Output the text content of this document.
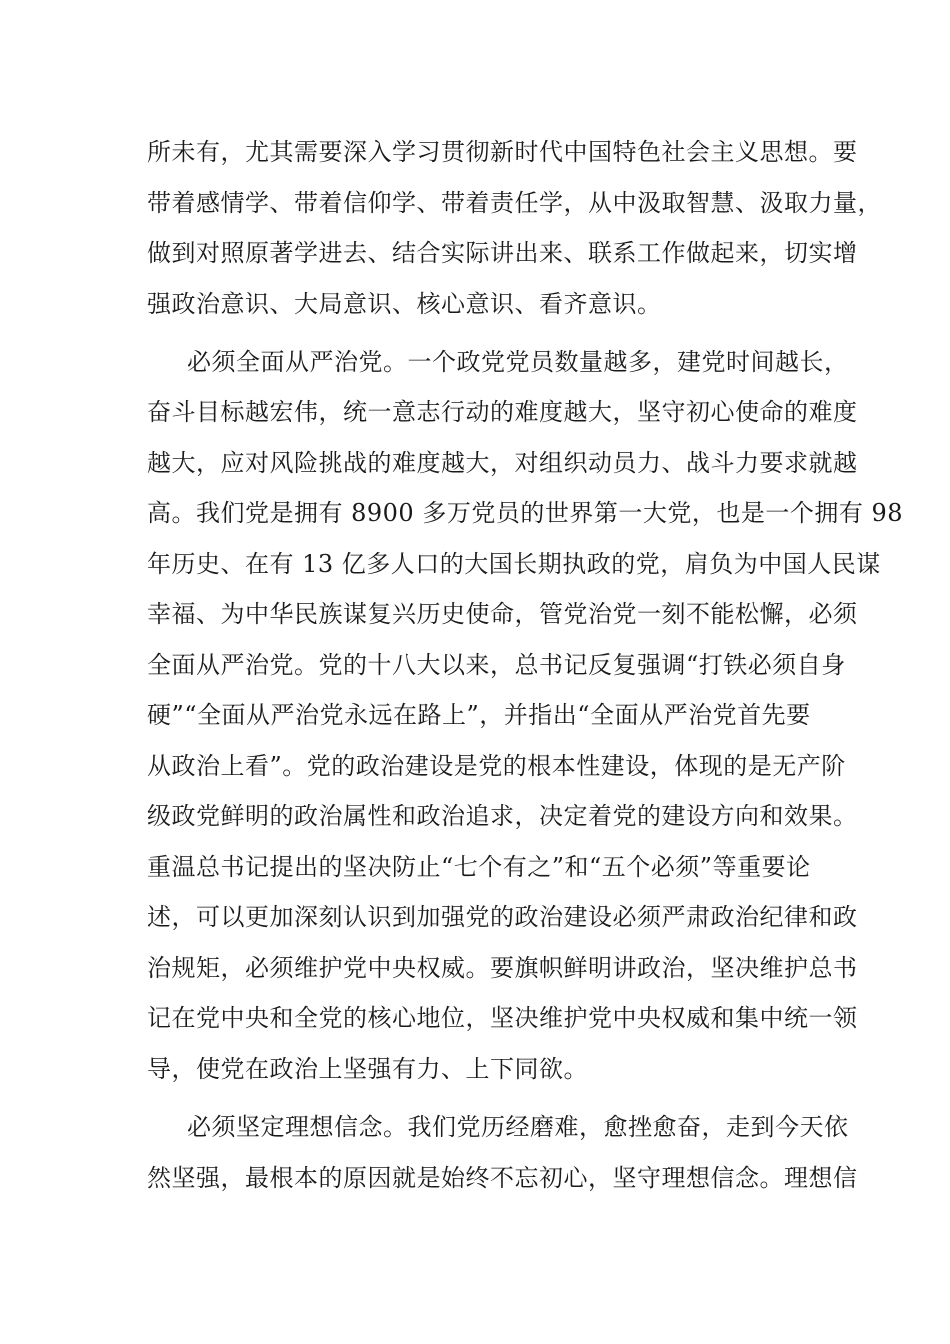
所未有，尤其需要深入学习贯彻新时代中国特色社会主义思想。要
带着感情学、带着信仰学、带着责任学，从中汲取智慧、汲取力量，
做到对照原著学进去、结合实际讲出来、联系工作做起来，切实增
强政治意识、大局意识、核心意识、看齐意识。
必须全面从严治党。一个政党党员数量越多，建党时间越长，
奋斗目标越宏伟，统一意志行动的难度越大，坚守初心使命的难度
越大，应对风险挑战的难度越大，对组织动员力、战斗力要求就越
高。我们党是拥有 8900 多万党员的世界第一大党，也是一个拥有 98
年历史、在有 13 亿多人口的大国长期执政的党，肩负为中国人民谋
幸福、为中华民族谋复兴历史使命，管党治党一刻不能松懈，必须
全面从严治党。党的十八大以来，总书记反复强调“打铁必须自身
硬”“全面从严治党永远在路上”，并指出“全面从严治党首先要
从政治上看”。党的政治建设是党的根本性建设，体现的是无产阶
级政党鲜明的政治属性和政治追求，决定着党的建设方向和效果。
重温总书记提出的坚决防止“七个有之”和“五个必须”等重要论
述，可以更加深刻认识到加强党的政治建设必须严肃政治纪律和政
治规矩，必须维护党中央权威。要旗帜鲜明讲政治，坚决维护总书
记在党中央和全党的核心地位，坚决维护党中央权威和集中统一领
导，使党在政治上坚强有力、上下同欲。
必须坚定理想信念。我们党历经磨难，愈挫愈奋，走到今天依
然坚强，最根本的原因就是始终不忘初心，坚守理想信念。理想信
